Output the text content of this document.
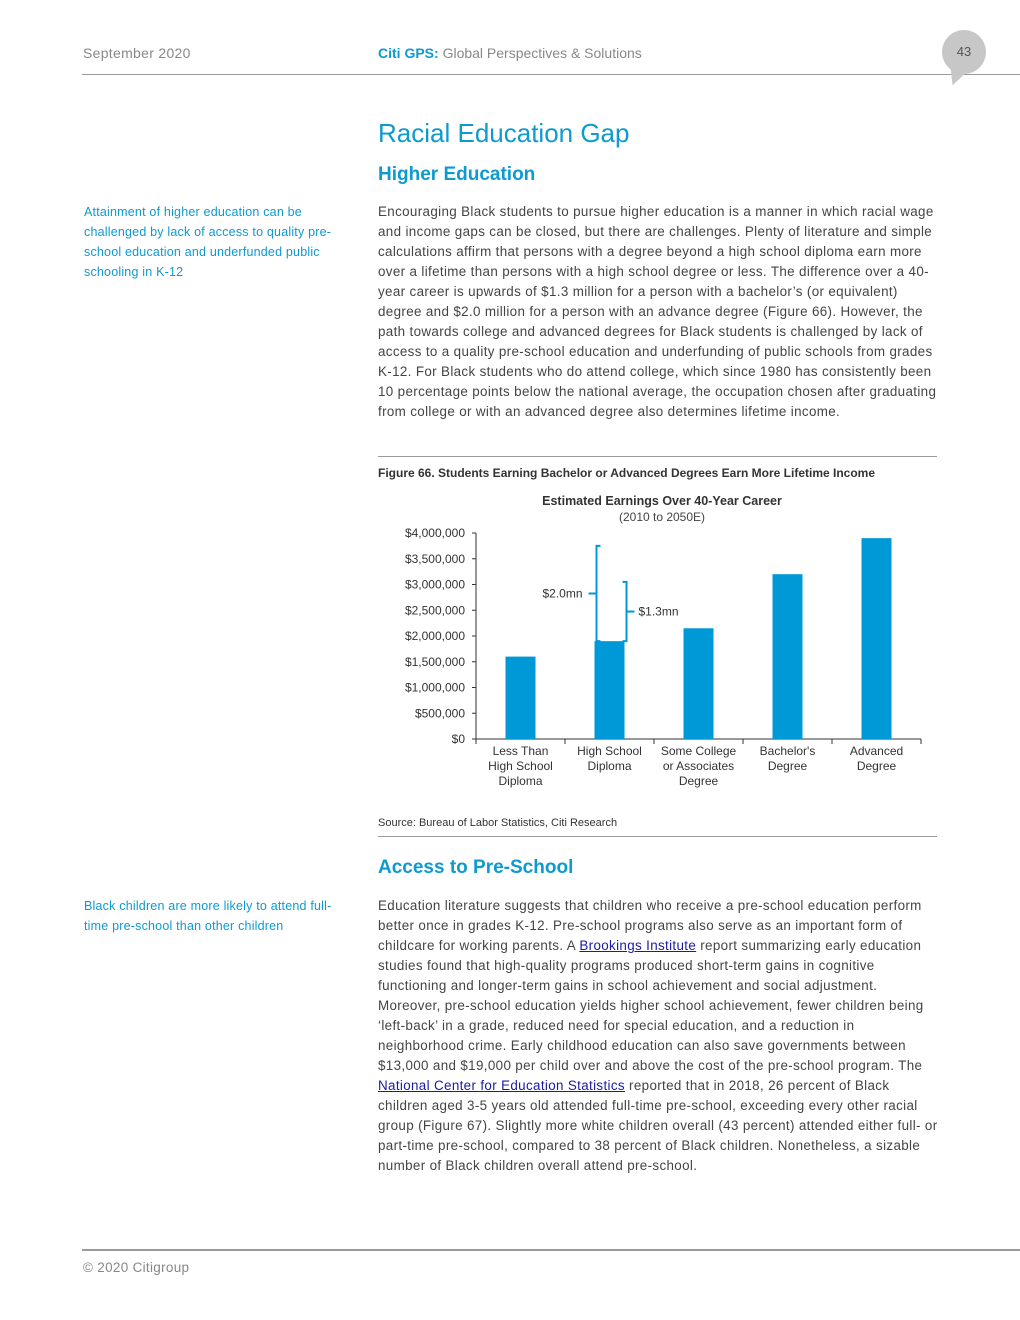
September 2020	Citi GPS: Global Perspectives & Solutions	43
Racial Education Gap
Higher Education
Attainment of higher education can be challenged by lack of access to quality pre-school education and underfunded public schooling in K-12
Encouraging Black students to pursue higher education is a manner in which racial wage and income gaps can be closed, but there are challenges. Plenty of literature and simple calculations affirm that persons with a degree beyond a high school diploma earn more over a lifetime than persons with a high school degree or less. The difference over a 40-year career is upwards of $1.3 million for a person with a bachelor’s (or equivalent) degree and $2.0 million for a person with an advance degree (Figure 66). However, the path towards college and advanced degrees for Black students is challenged by lack of access to a quality pre-school education and underfunding of public schools from grades K-12. For Black students who do attend college, which since 1980 has consistently been 10 percentage points below the national average, the occupation chosen after graduating from college or with an advanced degree also determines lifetime income.
Figure 66. Students Earning Bachelor or Advanced Degrees Earn More Lifetime Income
Estimated Earnings Over 40-Year Career
(2010 to 2050E)
$0
$500,000
$1,000,000
$1,500,000
$2,000,000
$2,500,000
$3,000,000
$3,500,000
$4,000,000
Less Than
High School
Diploma
High School
Diploma
Some College
or Associates
Degree
Bachelor's
Degree
Advanced
Degree
$2.0mn
$1.3mn
Source: Bureau of Labor Statistics, Citi Research
Access to Pre-School
Black children are more likely to attend full-time pre-school than other children
Education literature suggests that children who receive a pre-school education perform better once in grades K-12. Pre-school programs also serve as an important form of childcare for working parents. A Brookings Institute report summarizing early education studies found that high-quality programs produced short-term gains in cognitive functioning and longer-term gains in school achievement and social adjustment. Moreover, pre-school education yields higher school achievement, fewer children being ‘left-back’ in a grade, reduced need for special education, and a reduction in neighborhood crime. Early childhood education can also save governments between $13,000 and $19,000 per child over and above the cost of the pre-school program. The National Center for Education Statistics reported that in 2018, 26 percent of Black children aged 3-5 years old attended full-time pre-school, exceeding every other racial group (Figure 67). Slightly more white children overall (43 percent) attended either full- or part-time pre-school, compared to 38 percent of Black children. Nonetheless, a sizable number of Black children overall attend pre-school.
© 2020 Citigroup
